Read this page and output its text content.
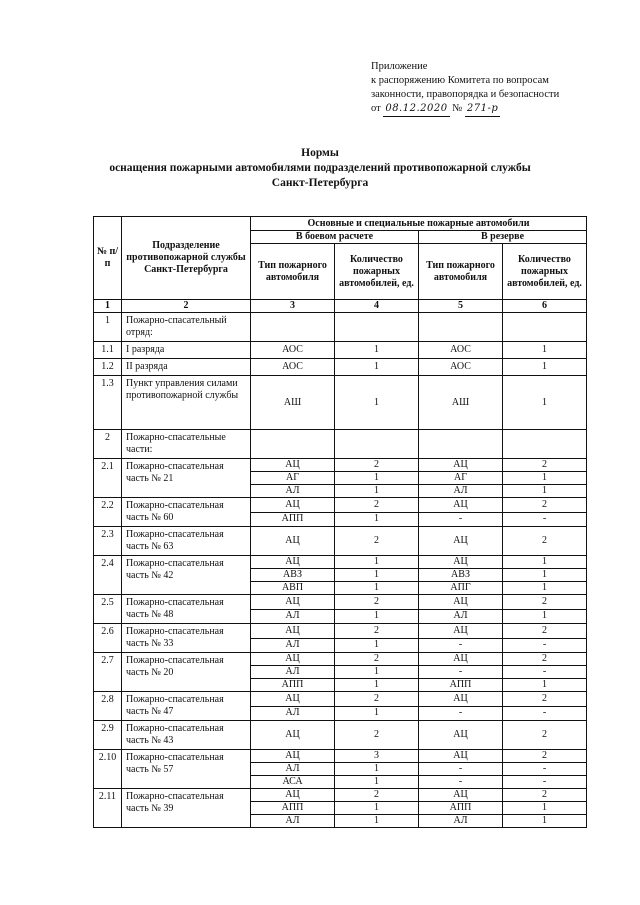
Приложение
к распоряжению Комитета по вопросам
законности, правопорядка и безопасности
от 08.12.2020 № 271-р
Нормы
оснащения пожарными автомобилями подразделений противопожарной службы
Санкт-Петербурга
№ п/п	Подразделение противопожарной службы Санкт-Петербурга	Основные и специальные пожарные автомобили			
		В боевом расчете		В резерве	
		Тип пожарного автомобиля	Количество пожарных автомобилей, ед.	Тип пожарного автомобиля	Количество пожарных автомобилей, ед.
1	2	3	4	5	6
1	Пожарно-спасательный отряд:				
1.1	I разряда	АОС	1	АОС	1
1.2	II разряда	АОС	1	АОС	1
1.3	Пункт управления силами противопожарной службы	АШ	1	АШ	1
2	Пожарно-спасательные части:				
2.1	Пожарно-спасательная часть № 21	АЦ	2	АЦ	2
		АГ	1	АГ	1
		АЛ	1	АЛ	1
2.2	Пожарно-спасательная часть № 60	АЦ	2	АЦ	2
		АПП	1	-	-
2.3	Пожарно-спасательная часть № 63	АЦ	2	АЦ	2
2.4	Пожарно-спасательная часть № 42	АЦ	1	АЦ	1
		АВЗ	1	АВЗ	1
		АВП	1	АПГ	1
2.5	Пожарно-спасательная часть № 48	АЦ	2	АЦ	2
		АЛ	1	АЛ	1
2.6	Пожарно-спасательная часть № 33	АЦ	2	АЦ	2
		АЛ	1	-	-
2.7	Пожарно-спасательная часть № 20	АЦ	2	АЦ	2
		АЛ	1	-	-
		АПП	1	АПП	1
2.8	Пожарно-спасательная часть № 47	АЦ	2	АЦ	2
		АЛ	1	-	-
2.9	Пожарно-спасательная часть № 43	АЦ	2	АЦ	2
2.10	Пожарно-спасательная часть № 57	АЦ	3	АЦ	2
		АЛ	1	-	-
		АСА	1	-	-
2.11	Пожарно-спасательная часть № 39	АЦ	2	АЦ	2
		АПП	1	АПП	1
		АЛ	1	АЛ	1
